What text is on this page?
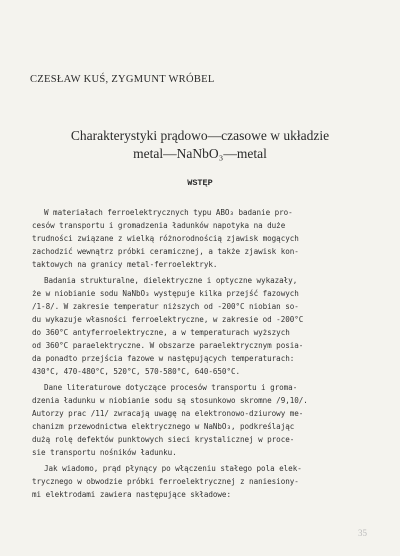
CZESŁAW KUŚ, ZYGMUNT WRÓBEL
Charakterystyki prądowo—czasowe w układzie
metal—NaNbO₃—metal
WSTĘP
W materiałach ferroelektrycznych typu ABO₃ badanie pro-
cesów transportu i gromadzenia ładunków napotyka na duże
trudności związane z wielką różnorodnością zjawisk mogących
zachodzić wewnątrz próbki ceramicznej, a także zjawisk kon-
taktowych na granicy metal-ferroelektryk.
Badania strukturalne, dielektryczne i optyczne wykazały,
że w niobianie sodu NaNbO₃ występuje kilka przejść fazowych
/1-8/. W zakresie temperatur niższych od -200°C niobian so-
du wykazuje własności ferroelektryczne, w zakresie od -200°C
do 360°C antyferroelektryczne, a w temperaturach wyższych
od 360°C paraelektryczne. W obszarze paraelektrycznym posia-
da ponadto przejścia fazowe w następujących temperaturach:
430°C, 470-480°C, 520°C, 570-580°C, 640-650°C.
Dane literaturowe dotyczące procesów transportu i groma-
dzenia ładunku w niobianie sodu są stosunkowo skromne /9,10/.
Autorzy prac /11/ zwracają uwagę na elektronowo-dziurowy me-
chanizm przewodnictwa elektrycznego w NaNbO₃, podkreślając
dużą rolę defektów punktowych sieci krystalicznej w proce-
sie transportu nośników ładunku.
Jak wiadomo, prąd płynący po włączeniu stałego pola elek-
trycznego w obwodzie próbki ferroelektrycznej z naniesiony-
mi elektrodami zawiera następujące składowe:
35
